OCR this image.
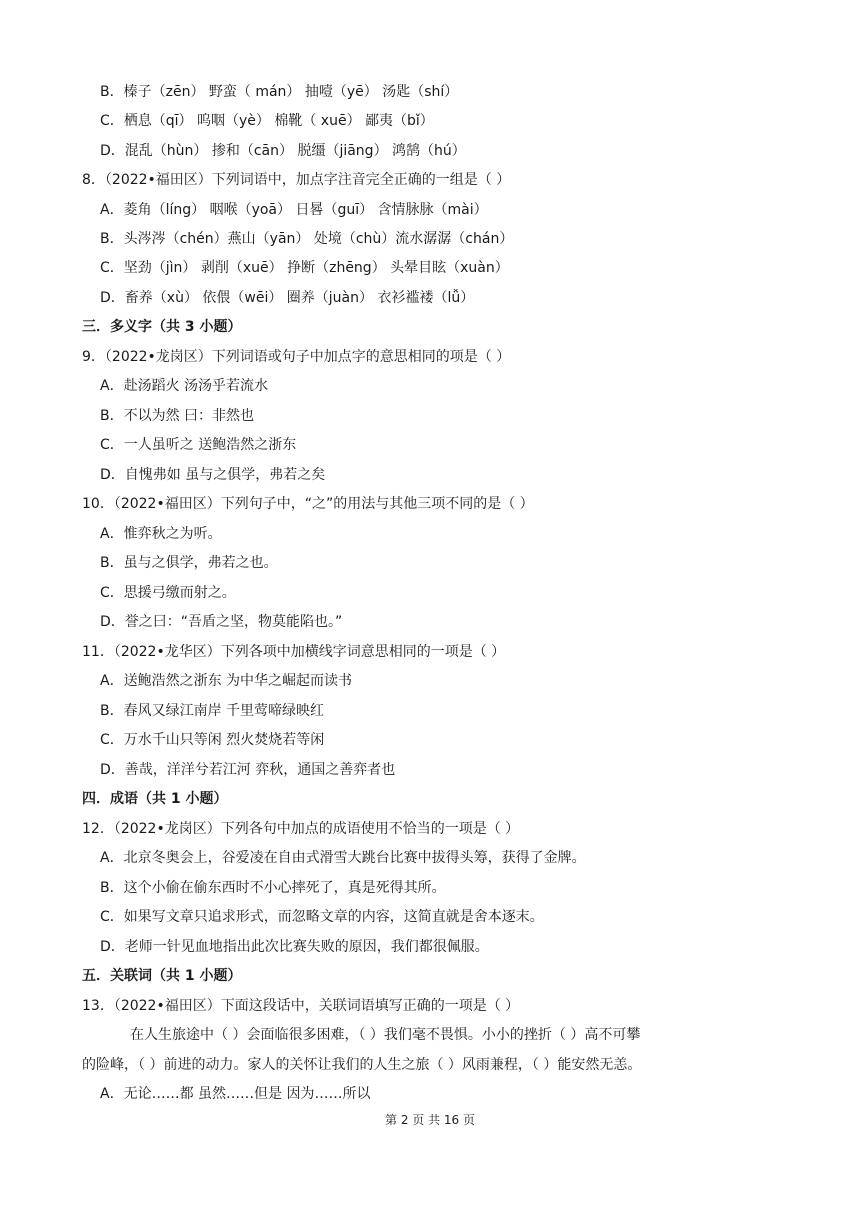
B．榛子（zēn） 野蛮（ mán） 抽噎（yē） 汤匙（shí）
C．栖息（qī） 呜咽（yè） 棉靴（ xuē） 鄙夷（bǐ）
D．混乱（hùn） 掺和（cān） 脱缰（jiāng） 鸿鹄（hú）
8．（2022•福田区）下列词语中，加点字注音完全正确的一组是（ ）
A．菱角（líng） 咽喉（yoā） 日晷（guī） 含情脉脉（mài）
B．头涔涔（chén）燕山（yān） 处境（chù）流水潺潺（chán）
C．坚劲（jìn） 剥削（xuē） 挣断（zhēng） 头晕目眩（xuàn）
D．畜养（xù） 依偎（wēi） 圈养（juàn） 衣衫褴褛（lǚ）
三．多义字（共 3 小题）
9．（2022•龙岗区）下列词语或句子中加点字的意思相同的项是（ ）
A．赴汤蹈火 汤汤乎若流水
B．不以为然 曰：非然也
C．一人虽听之 送鲍浩然之浙东
D．自愧弗如 虽与之俱学，弗若之矣
10．（2022•福田区）下列句子中，“之”的用法与其他三项不同的是（ ）
A．惟弈秋之为听。
B．虽与之俱学，弗若之也。
C．思援弓缴而射之。
D．誉之曰：“吾盾之坚，物莫能陷也。”
11．（2022•龙华区）下列各项中加横线字词意思相同的一项是（ ）
A．送鲍浩然之浙东 为中华之崛起而读书
B．春风又绿江南岸 千里莺啼绿映红
C．万水千山只等闲 烈火焚烧若等闲
D．善哉，洋洋兮若江河 弈秋，通国之善弈者也
四．成语（共 1 小题）
12．（2022•龙岗区）下列各句中加点的成语使用不恰当的一项是（ ）
A．北京冬奥会上，谷爱凌在自由式滑雪大跳台比赛中拔得头筹，获得了金牌。
B．这个小偷在偷东西时不小心摔死了，真是死得其所。
C．如果写文章只追求形式，而忽略文章的内容，这简直就是舍本逐末。
D．老师一针见血地指出此次比赛失败的原因，我们都很佩服。
五．关联词（共 1 小题）
13．（2022•福田区）下面这段话中，关联词语填写正确的一项是（ ）
在人生旅途中（ ）会面临很多困难，（ ）我们毫不畏惧。小小的挫折（ ）高不可攀
的险峰，（ ）前进的动力。家人的关怀让我们的人生之旅（ ）风雨兼程，（ ）能安然无恙。
A．无论……都 虽然……但是 因为……所以
第 2 页 共 16 页
